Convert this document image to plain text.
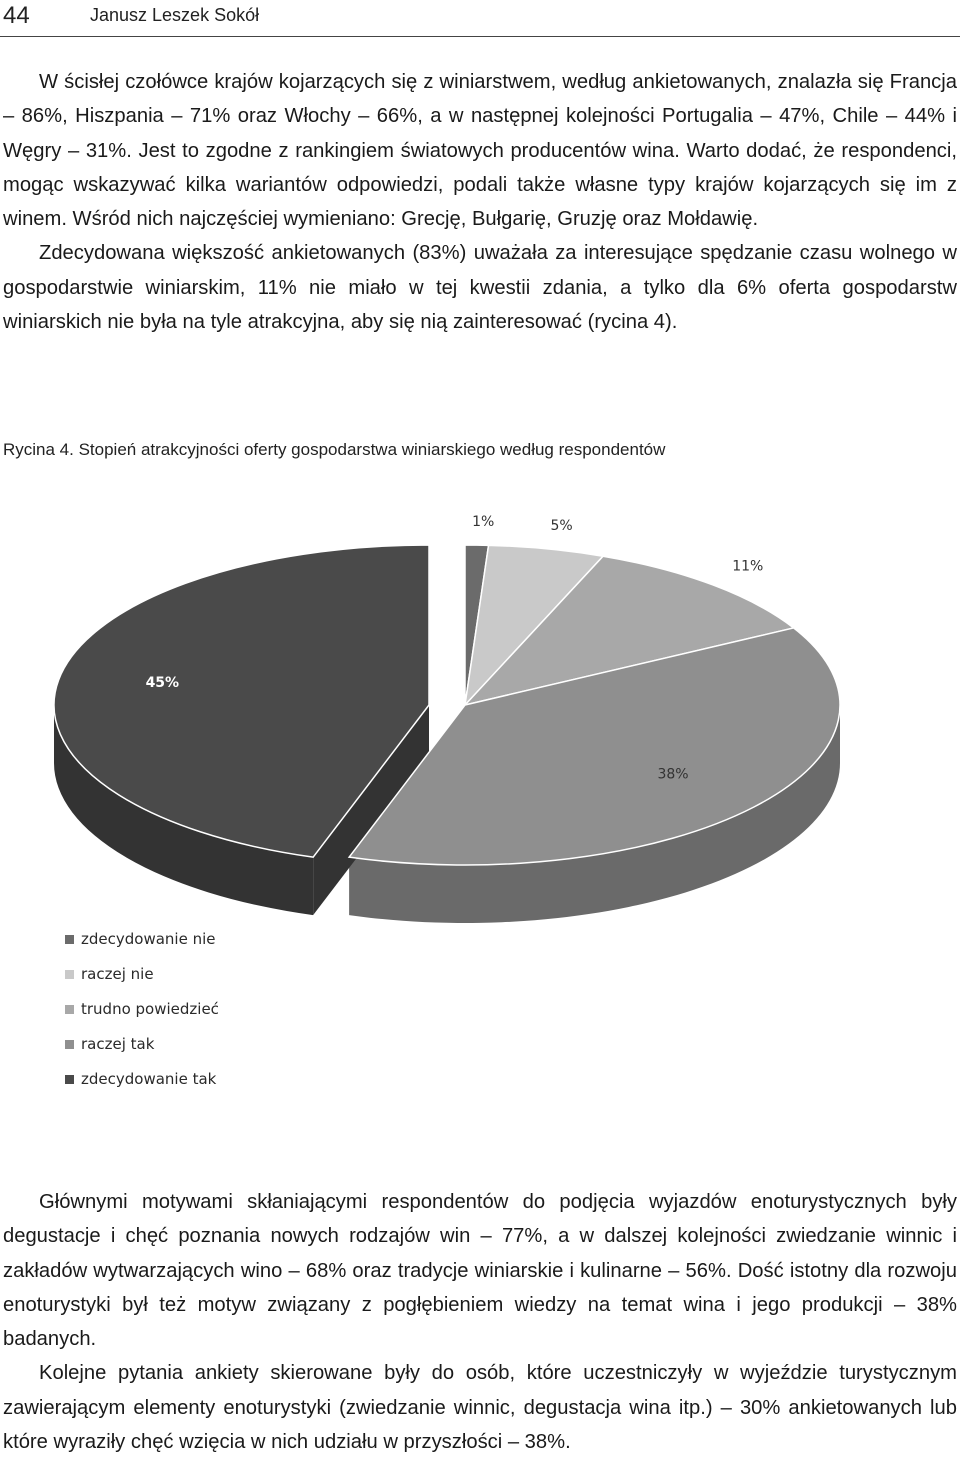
44	Janusz Leszek Sokół

W ścisłej czołówce krajów kojarzących się z winiarstwem, według ankietowanych, znalazła się Francja – 86%, Hiszpania – 71% oraz Włochy – 66%, a w następnej kolejności Portugalia – 47%, Chile – 44% i Węgry – 31%. Jest to zgodne z rankingiem światowych producentów wina. Warto dodać, że respondenci, mogąc wskazywać kilka wariantów odpowiedzi, podali także własne typy krajów kojarzących się im z winem. Wśród nich najczęściej wymieniano: Grecję, Bułgarię, Gruzję oraz Mołdawię.

Zdecydowana większość ankietowanych (83%) uważała za interesujące spędzanie czasu wolnego w gospodarstwie winiarskim, 11% nie miało w tej kwestii zdania, a tylko dla 6% oferta gospodarstw winiarskich nie była na tyle atrakcyjna, aby się nią zainteresować (rycina 4).

Rycina 4. Stopień atrakcyjności oferty gospodarstwa winiarskiego według respondentów
1%	5%
11%
38%
45%
zdecydowanie nie
raczej nie
trudno powiedzieć
raczej tak
zdecydowanie tak

Głównymi motywami skłaniającymi respondentów do podjęcia wyjazdów enoturystycznych były degustacje i chęć poznania nowych rodzajów win – 77%, a w dalszej kolejności zwiedzanie winnic i zakładów wytwarzających wino – 68% oraz tradycje winiarskie i kulinarne – 56%. Dość istotny dla rozwoju enoturystyki był też motyw związany z pogłębieniem wiedzy na temat wina i jego produkcji – 38% badanych.

Kolejne pytania ankiety skierowane były do osób, które uczestniczyły w wyjeździe turystycznym zawierającym elementy enoturystyki (zwiedzanie winnic, degustacja wina itp.) – 30% ankietowanych lub które wyraziły chęć wzięcia w nich udziału w przyszłości – 38%.
